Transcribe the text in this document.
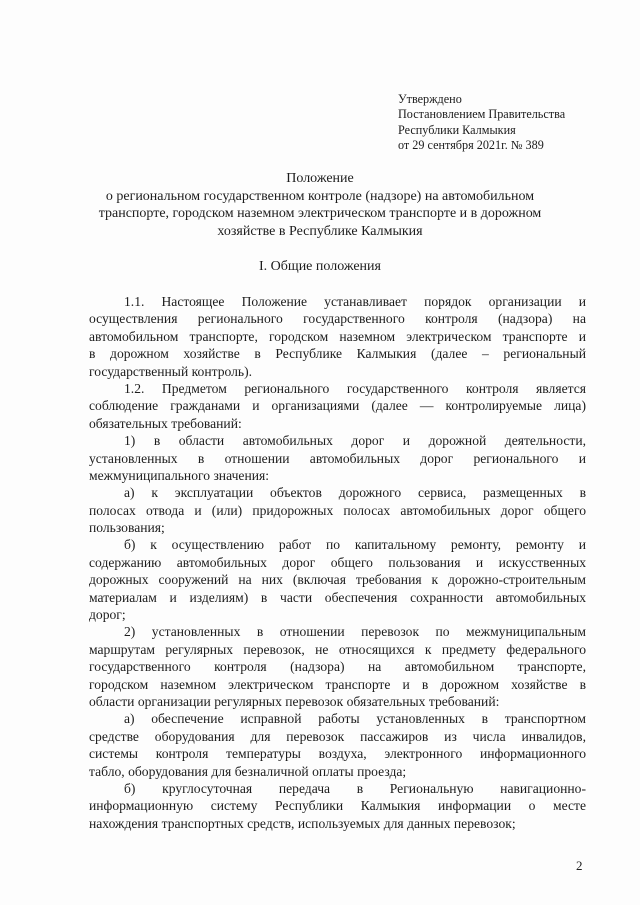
Утверждено
Постановлением Правительства
Республики Калмыкия
от 29 сентября 2021г. № 389
Положение
о региональном государственном контроле (надзоре) на автомобильном
транспорте, городском наземном электрическом транспорте и в дорожном
хозяйстве в Республике Калмыкия
I. Общие положения
1.1. Настоящее Положение устанавливает порядок организации и
осуществления регионального государственного контроля (надзора) на
автомобильном транспорте, городском наземном электрическом транспорте и
в дорожном хозяйстве в Республике Калмыкия (далее – региональный
государственный контроль).
1.2. Предметом регионального государственного контроля является
соблюдение гражданами и организациями (далее — контролируемые лица)
обязательных требований:
1) в области автомобильных дорог и дорожной деятельности,
установленных в отношении автомобильных дорог регионального и
межмуниципального значения:
а) к эксплуатации объектов дорожного сервиса, размещенных в
полосах отвода и (или) придорожных полосах автомобильных дорог общего
пользования;
б) к осуществлению работ по капитальному ремонту, ремонту и
содержанию автомобильных дорог общего пользования и искусственных
дорожных сооружений на них (включая требования к дорожно-строительным
материалам и изделиям) в части обеспечения сохранности автомобильных
дорог;
2) установленных в отношении перевозок по межмуниципальным
маршрутам регулярных перевозок, не относящихся к предмету федерального
государственного контроля (надзора) на автомобильном транспорте,
городском наземном электрическом транспорте и в дорожном хозяйстве в
области организации регулярных перевозок обязательных требований:
а) обеспечение исправной работы установленных в транспортном
средстве оборудования для перевозок пассажиров из числа инвалидов,
системы контроля температуры воздуха, электронного информационного
табло, оборудования для безналичной оплаты проезда;
б) круглосуточная передача в Региональную навигационно-
информационную систему Республики Калмыкия информации о месте
нахождения транспортных средств, используемых для данных перевозок;
2
